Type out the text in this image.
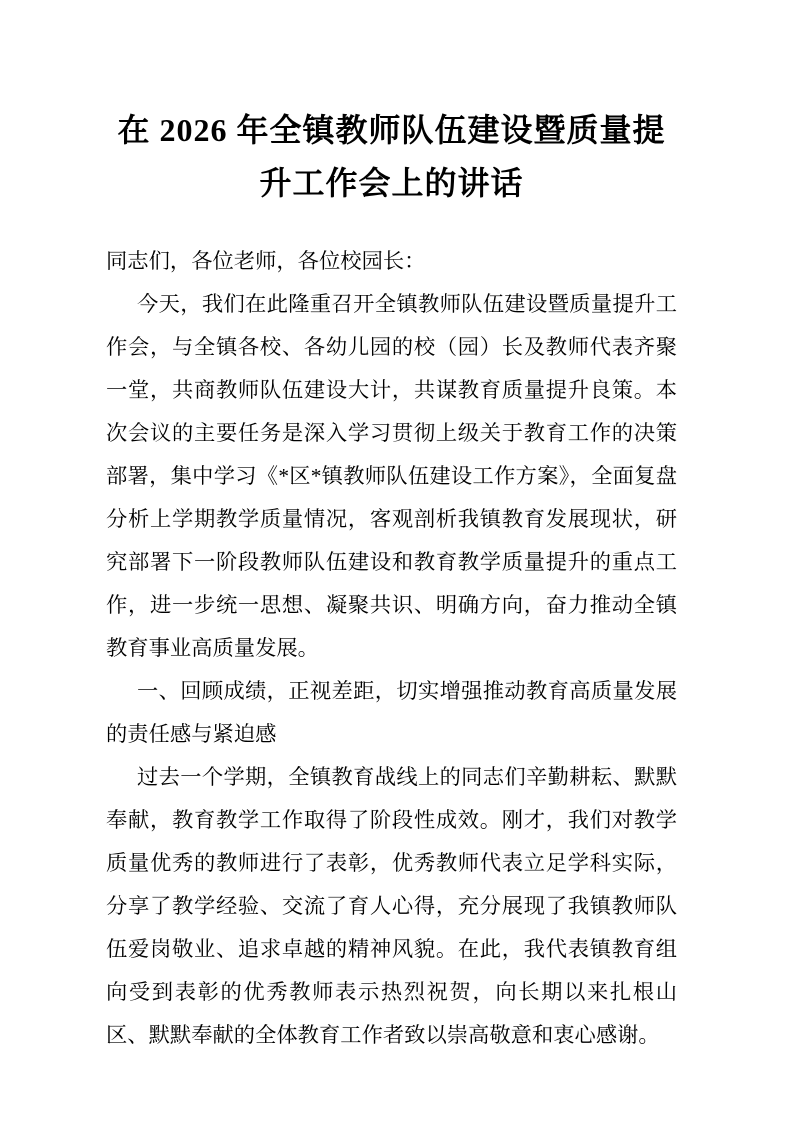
在 2026 年全镇教师队伍建设暨质量提升工作会上的讲话

同志们，各位老师，各位校园长：

今天，我们在此隆重召开全镇教师队伍建设暨质量提升工作会，与全镇各校、各幼儿园的校（园）长及教师代表齐聚一堂，共商教师队伍建设大计，共谋教育质量提升良策。本次会议的主要任务是深入学习贯彻上级关于教育工作的决策部署，集中学习《*区*镇教师队伍建设工作方案》，全面复盘分析上学期教学质量情况，客观剖析我镇教育发展现状，研究部署下一阶段教师队伍建设和教育教学质量提升的重点工作，进一步统一思想、凝聚共识、明确方向，奋力推动全镇教育事业高质量发展。

一、回顾成绩，正视差距，切实增强推动教育高质量发展的责任感与紧迫感

过去一个学期，全镇教育战线上的同志们辛勤耕耘、默默奉献，教育教学工作取得了阶段性成效。刚才，我们对教学质量优秀的教师进行了表彰，优秀教师代表立足学科实际，分享了教学经验、交流了育人心得，充分展现了我镇教师队伍爱岗敬业、追求卓越的精神风貌。在此，我代表镇教育组向受到表彰的优秀教师表示热烈祝贺，向长期以来扎根山区、默默奉献的全体教育工作者致以崇高敬意和衷心感谢。
